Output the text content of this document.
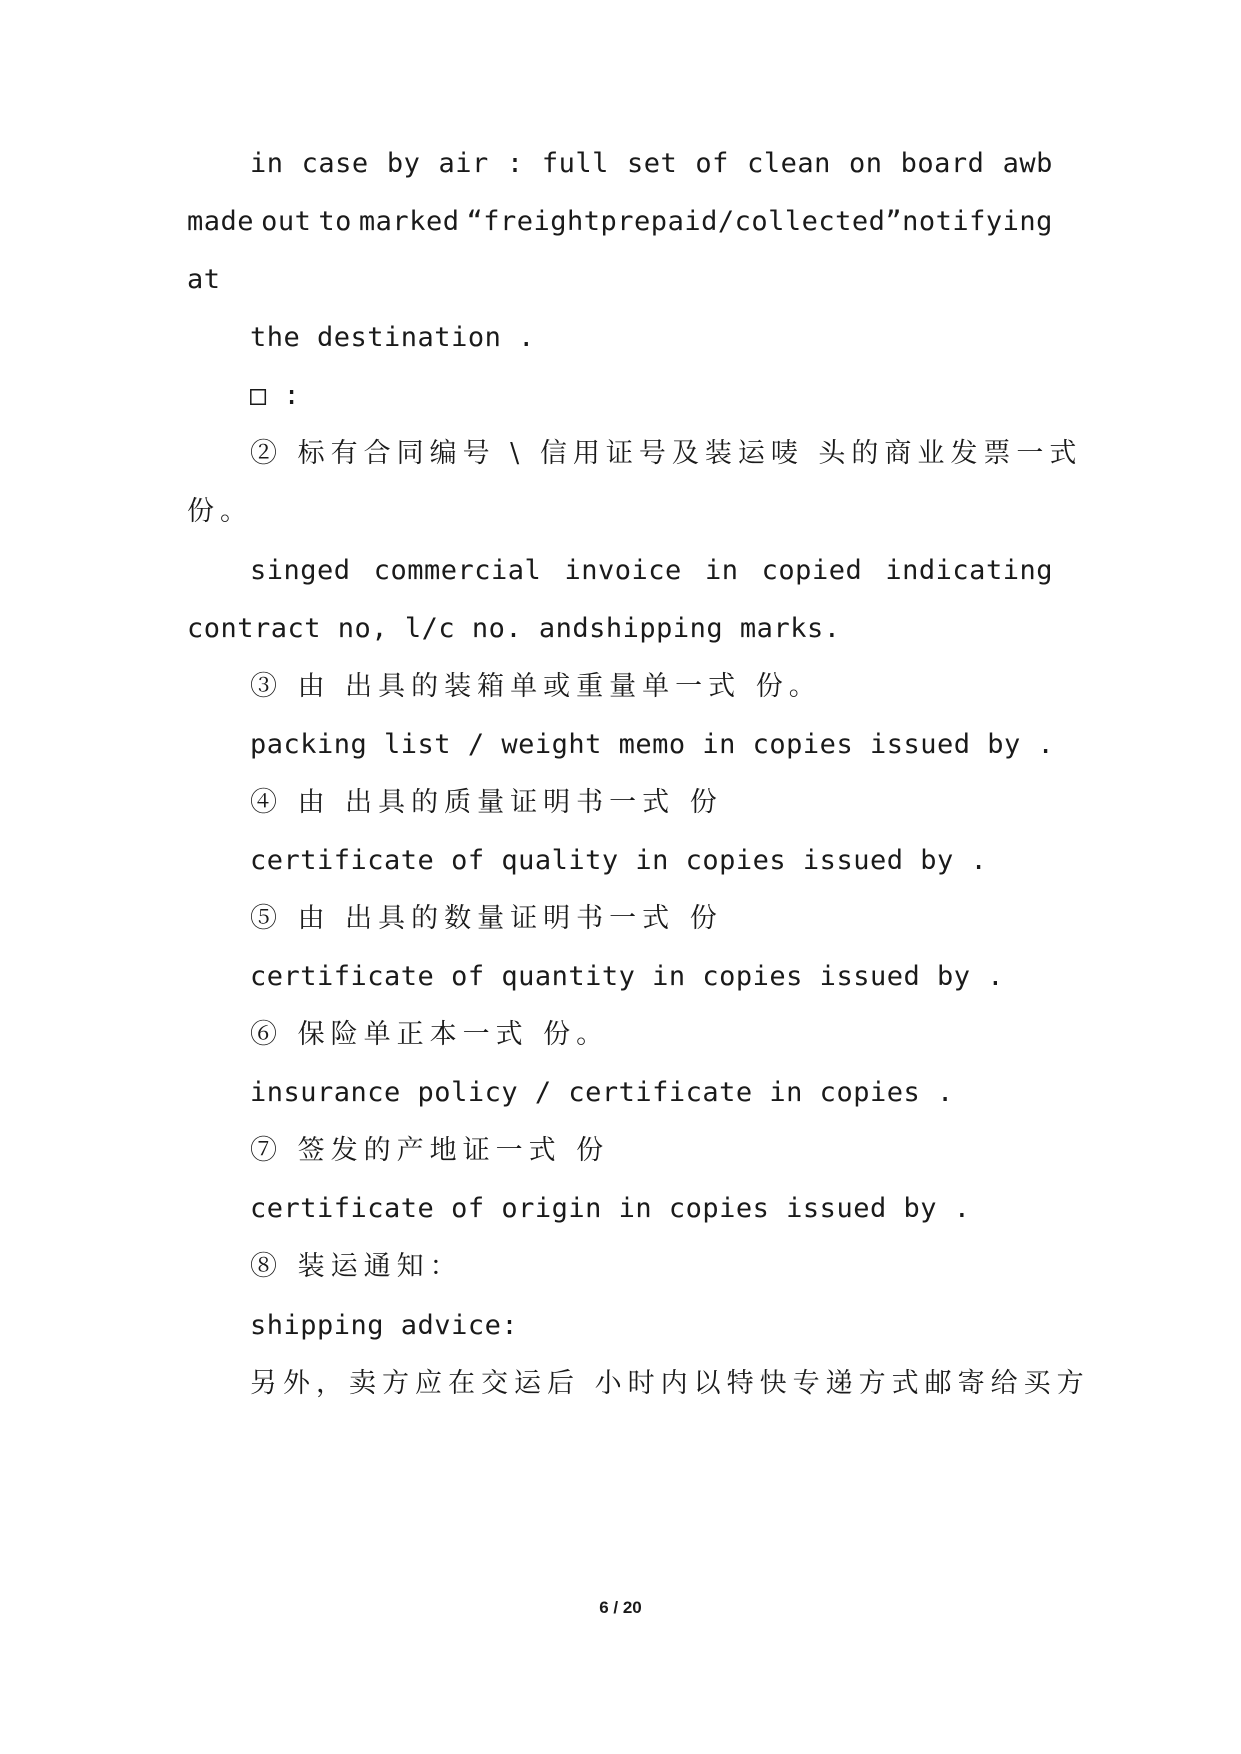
in case by air : full set of clean on board awb
made out to marked “freightprepaid/collected”notifying
at
the destination .
□ :
② 标有合同编号 \ 信用证号及装运唛 头的商业发票一式
份。
singed commercial invoice in copied indicating
contract no, l/c no. andshipping marks.
③ 由 出具的装箱单或重量单一式 份。
packing list / weight memo in copies issued by .
④ 由 出具的质量证明书一式 份
certificate of quality in copies issued by .
⑤ 由 出具的数量证明书一式 份
certificate of quantity in copies issued by .
⑥ 保险单正本一式 份。
insurance policy / certificate in copies .
⑦ 签发的产地证一式 份
certificate of origin in copies issued by .
⑧ 装运通知：
shipping advice:
另外，卖方应在交运后 小时内以特快专递方式邮寄给买方
6 / 20
